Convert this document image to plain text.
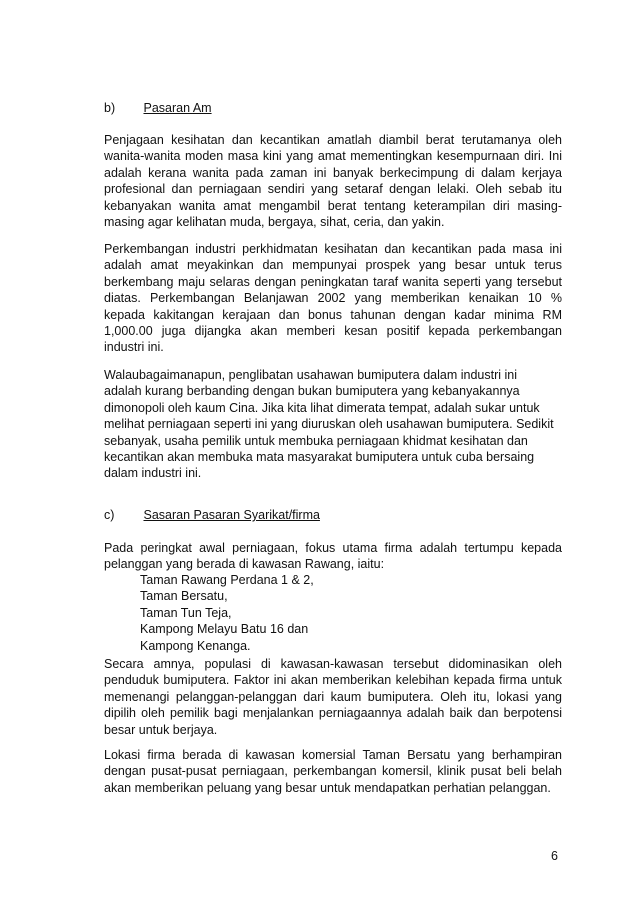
b) Pasaran Am
Penjagaan kesihatan dan kecantikan amatlah diambil berat terutamanya oleh
wanita-wanita moden masa kini yang amat mementingkan kesempurnaan diri. Ini
adalah kerana wanita pada zaman ini banyak berkecimpung di dalam kerjaya
profesional dan perniagaan sendiri yang setaraf dengan lelaki. Oleh sebab itu
kebanyakan wanita amat mengambil berat tentang keterampilan diri masing-
masing agar kelihatan muda, bergaya, sihat, ceria, dan yakin.
Perkembangan industri perkhidmatan kesihatan dan kecantikan pada masa ini
adalah amat meyakinkan dan mempunyai prospek yang besar untuk terus
berkembang maju selaras dengan peningkatan taraf wanita seperti yang tersebut
diatas. Perkembangan Belanjawan 2002 yang memberikan kenaikan 10 %
kepada kakitangan kerajaan dan bonus tahunan dengan kadar minima RM
1,000.00 juga dijangka akan memberi kesan positif kepada perkembangan
industri ini.
Walaubagaimanapun, penglibatan usahawan bumiputera dalam industri ini
adalah kurang berbanding dengan bukan bumiputera yang kebanyakannya
dimonopoli oleh kaum Cina. Jika kita lihat dimerata tempat, adalah sukar untuk
melihat perniagaan seperti ini yang diuruskan oleh usahawan bumiputera. Sedikit
sebanyak, usaha pemilik untuk membuka perniagaan khidmat kesihatan dan
kecantikan akan membuka mata masyarakat bumiputera untuk cuba bersaing
dalam industri ini.
c) Sasaran Pasaran Syarikat/firma
Pada peringkat awal perniagaan, fokus utama firma adalah tertumpu kepada
pelanggan yang berada di kawasan Rawang, iaitu:
Taman Rawang Perdana 1 & 2,
Taman Bersatu,
Taman Tun Teja,
Kampong Melayu Batu 16 dan
Kampong Kenanga.
Secara amnya, populasi di kawasan-kawasan tersebut didominasikan oleh
penduduk bumiputera. Faktor ini akan memberikan kelebihan kepada firma untuk
memenangi pelanggan-pelanggan dari kaum bumiputera. Oleh itu, lokasi yang
dipilih oleh pemilik bagi menjalankan perniagaannya adalah baik dan berpotensi
besar untuk berjaya.
Lokasi firma berada di kawasan komersial Taman Bersatu yang berhampiran
dengan pusat-pusat perniagaan, perkembangan komersil, klinik pusat beli belah
akan memberikan peluang yang besar untuk mendapatkan perhatian pelanggan.
6
